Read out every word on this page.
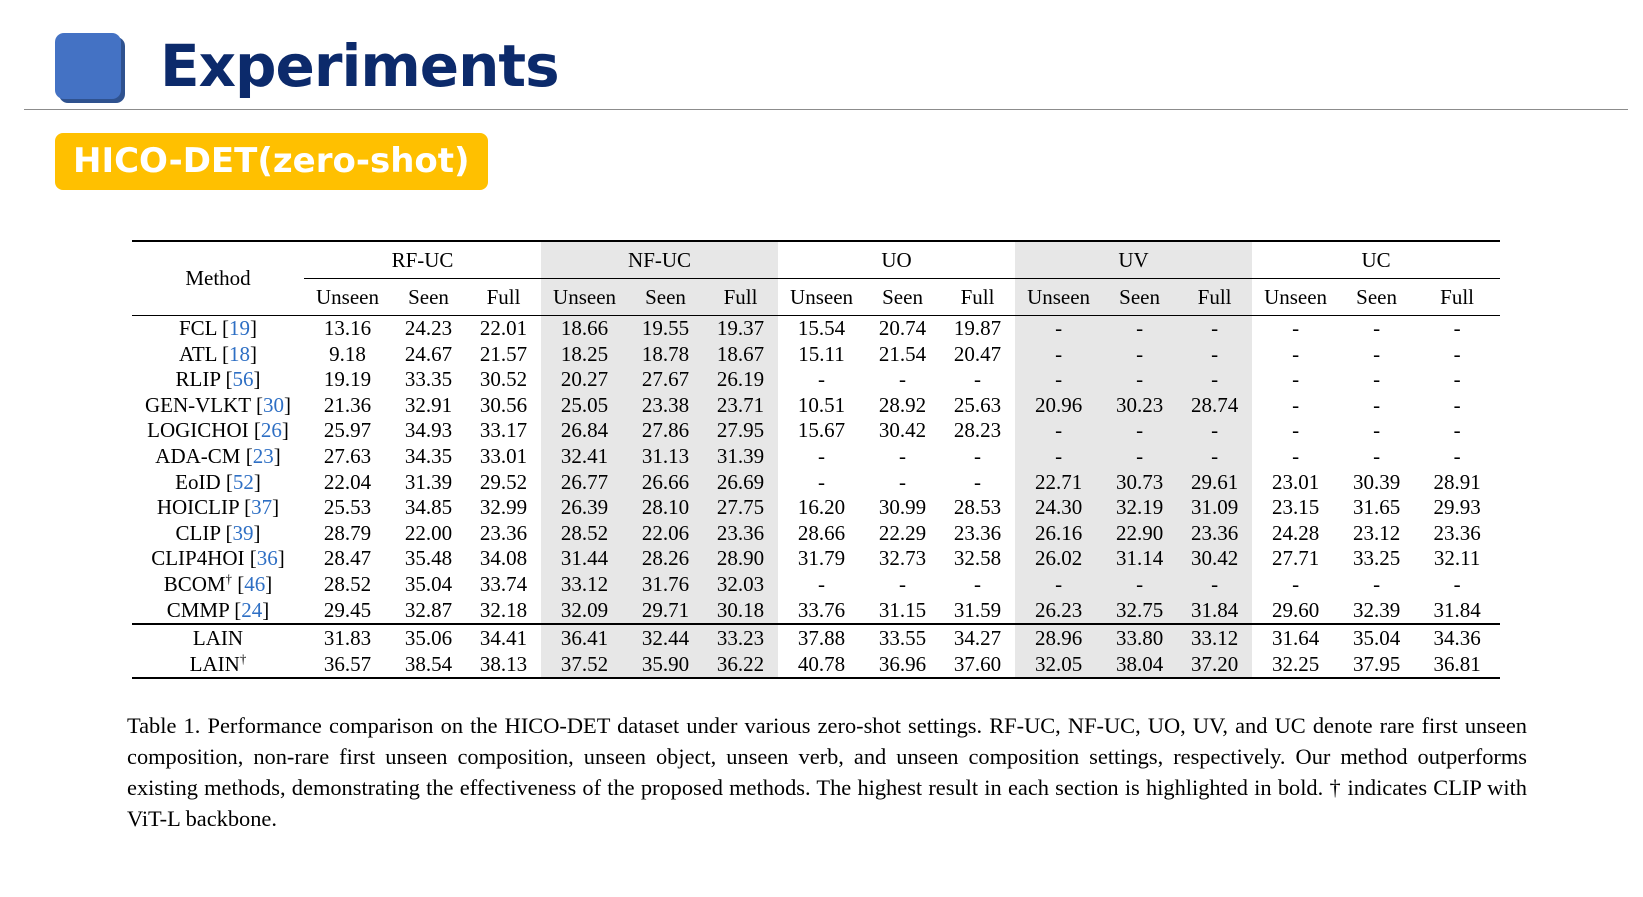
Experiments
HICO-DET(zero-shot)
Method	RF-UC			NF-UC			UO			UV			UC		
	Unseen	Seen	Full	Unseen	Seen	Full	Unseen	Seen	Full	Unseen	Seen	Full	Unseen	Seen	Full
FCL [19]	13.16	24.23	22.01	18.66	19.55	19.37	15.54	20.74	19.87	-	-	-	-	-	-
ATL [18]	9.18	24.67	21.57	18.25	18.78	18.67	15.11	21.54	20.47	-	-	-	-	-	-
RLIP [56]	19.19	33.35	30.52	20.27	27.67	26.19	-	-	-	-	-	-	-	-	-
GEN-VLKT [30]	21.36	32.91	30.56	25.05	23.38	23.71	10.51	28.92	25.63	20.96	30.23	28.74	-	-	-
LOGICHOI [26]	25.97	34.93	33.17	26.84	27.86	27.95	15.67	30.42	28.23	-	-	-	-	-	-
ADA-CM [23]	27.63	34.35	33.01	32.41	31.13	31.39	-	-	-	-	-	-	-	-	-
EoID [52]	22.04	31.39	29.52	26.77	26.66	26.69	-	-	-	22.71	30.73	29.61	23.01	30.39	28.91
HOICLIP [37]	25.53	34.85	32.99	26.39	28.10	27.75	16.20	30.99	28.53	24.30	32.19	31.09	23.15	31.65	29.93
CLIP [39]	28.79	22.00	23.36	28.52	22.06	23.36	28.66	22.29	23.36	26.16	22.90	23.36	24.28	23.12	23.36
CLIP4HOI [36]	28.47	35.48	34.08	31.44	28.26	28.90	31.79	32.73	32.58	26.02	31.14	30.42	27.71	33.25	32.11
BCOM† [46]	28.52	35.04	33.74	33.12	31.76	32.03	-	-	-	-	-	-	-	-	-
CMMP [24]	29.45	32.87	32.18	32.09	29.71	30.18	33.76	31.15	31.59	26.23	32.75	31.84	29.60	32.39	31.84
LAIN	31.83	35.06	34.41	36.41	32.44	33.23	37.88	33.55	34.27	28.96	33.80	33.12	31.64	35.04	34.36
LAIN†	36.57	38.54	38.13	37.52	35.90	36.22	40.78	36.96	37.60	32.05	38.04	37.20	32.25	37.95	36.81
Table 1. Performance comparison on the HICO-DET dataset under various zero-shot settings. RF-UC, NF-UC, UO, UV, and UC denote rare first unseen composition, non-rare first unseen composition, unseen object, unseen verb, and unseen composition settings, respectively. Our method outperforms existing methods, demonstrating the effectiveness of the proposed methods. The highest result in each section is highlighted in bold. † indicates CLIP with ViT-L backbone.
